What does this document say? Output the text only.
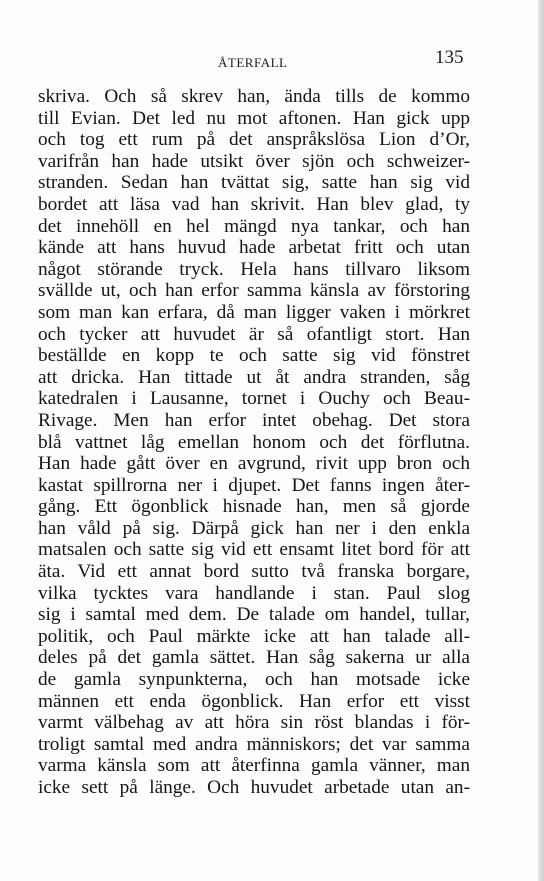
ÅTERFALL	135
skriva. Och så skrev han, ända tills de kommo
till Evian. Det led nu mot aftonen. Han gick upp
och tog ett rum på det anspråkslösa Lion d’Or,
varifrån han hade utsikt över sjön och schweizer-
stranden. Sedan han tvättat sig, satte han sig vid
bordet att läsa vad han skrivit. Han blev glad, ty
det innehöll en hel mängd nya tankar, och han
kände att hans huvud hade arbetat fritt och utan
något störande tryck. Hela hans tillvaro liksom
svällde ut, och han erfor samma känsla av förstoring
som man kan erfara, då man ligger vaken i mörkret
och tycker att huvudet är så ofantligt stort. Han
beställde en kopp te och satte sig vid fönstret
att dricka. Han tittade ut åt andra stranden, såg
katedralen i Lausanne, tornet i Ouchy och Beau-
Rivage. Men han erfor intet obehag. Det stora
blå vattnet låg emellan honom och det förflutna.
Han hade gått över en avgrund, rivit upp bron och
kastat spillrorna ner i djupet. Det fanns ingen åter-
gång. Ett ögonblick hisnade han, men så gjorde
han våld på sig. Därpå gick han ner i den enkla
matsalen och satte sig vid ett ensamt litet bord för att
äta. Vid ett annat bord sutto två franska borgare,
vilka tycktes vara handlande i stan. Paul slog
sig i samtal med dem. De talade om handel, tullar,
politik, och Paul märkte icke att han talade all-
deles på det gamla sättet. Han såg sakerna ur alla
de gamla synpunkterna, och han motsade icke
männen ett enda ögonblick. Han erfor ett visst
varmt välbehag av att höra sin röst blandas i för-
troligt samtal med andra människors; det var samma
varma känsla som att återfinna gamla vänner, man
icke sett på länge. Och huvudet arbetade utan an-
